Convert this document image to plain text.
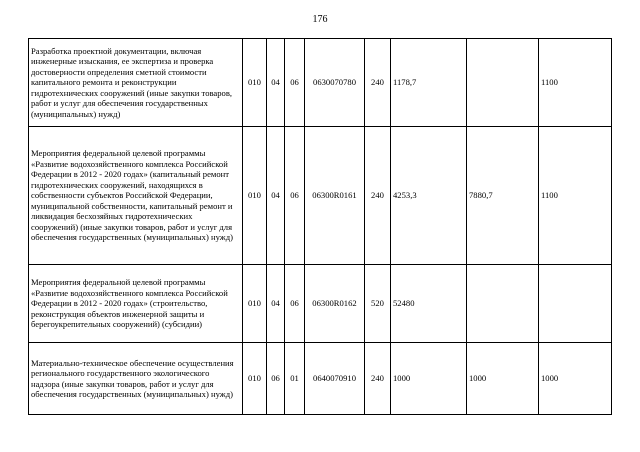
176
Разработка проектной документации, включая инженерные изыскания, ее экспертиза и проверка достоверности определения сметной стоимости капитального ремонта и реконструкции гидротехнических сооружений (иные закупки товаров, работ и услуг для обеспечения государственных (муниципальных) нужд)	010	04	06	0630070780	240	1178,7		1100
Мероприятия федеральной целевой программы «Развитие водохозяйственного комплекса Российской Федерации в 2012 - 2020 годах» (капитальный ремонт гидротехнических сооружений, находящихся в собственности субъектов Российской Федерации, муниципальной собственности, капитальный ремонт и ликвидация бесхозяйных гидротехнических сооружений) (иные закупки товаров, работ и услуг для обеспечения государственных (муниципальных) нужд)	010	04	06	06300R0161	240	4253,3	7880,7	1100
Мероприятия федеральной целевой программы «Развитие водохозяйственного комплекса Российской Федерации в 2012 - 2020 годах» (строительство, реконструкция объектов инженерной защиты и берегоукрепительных сооружений) (субсидии)	010	04	06	06300R0162	520	52480		
Материально-техническое обеспечение осуществления регионального государственного экологического надзора (иные закупки товаров, работ и услуг для обеспечения государственных (муниципальных) нужд)	010	06	01	0640070910	240	1000	1000	1000
